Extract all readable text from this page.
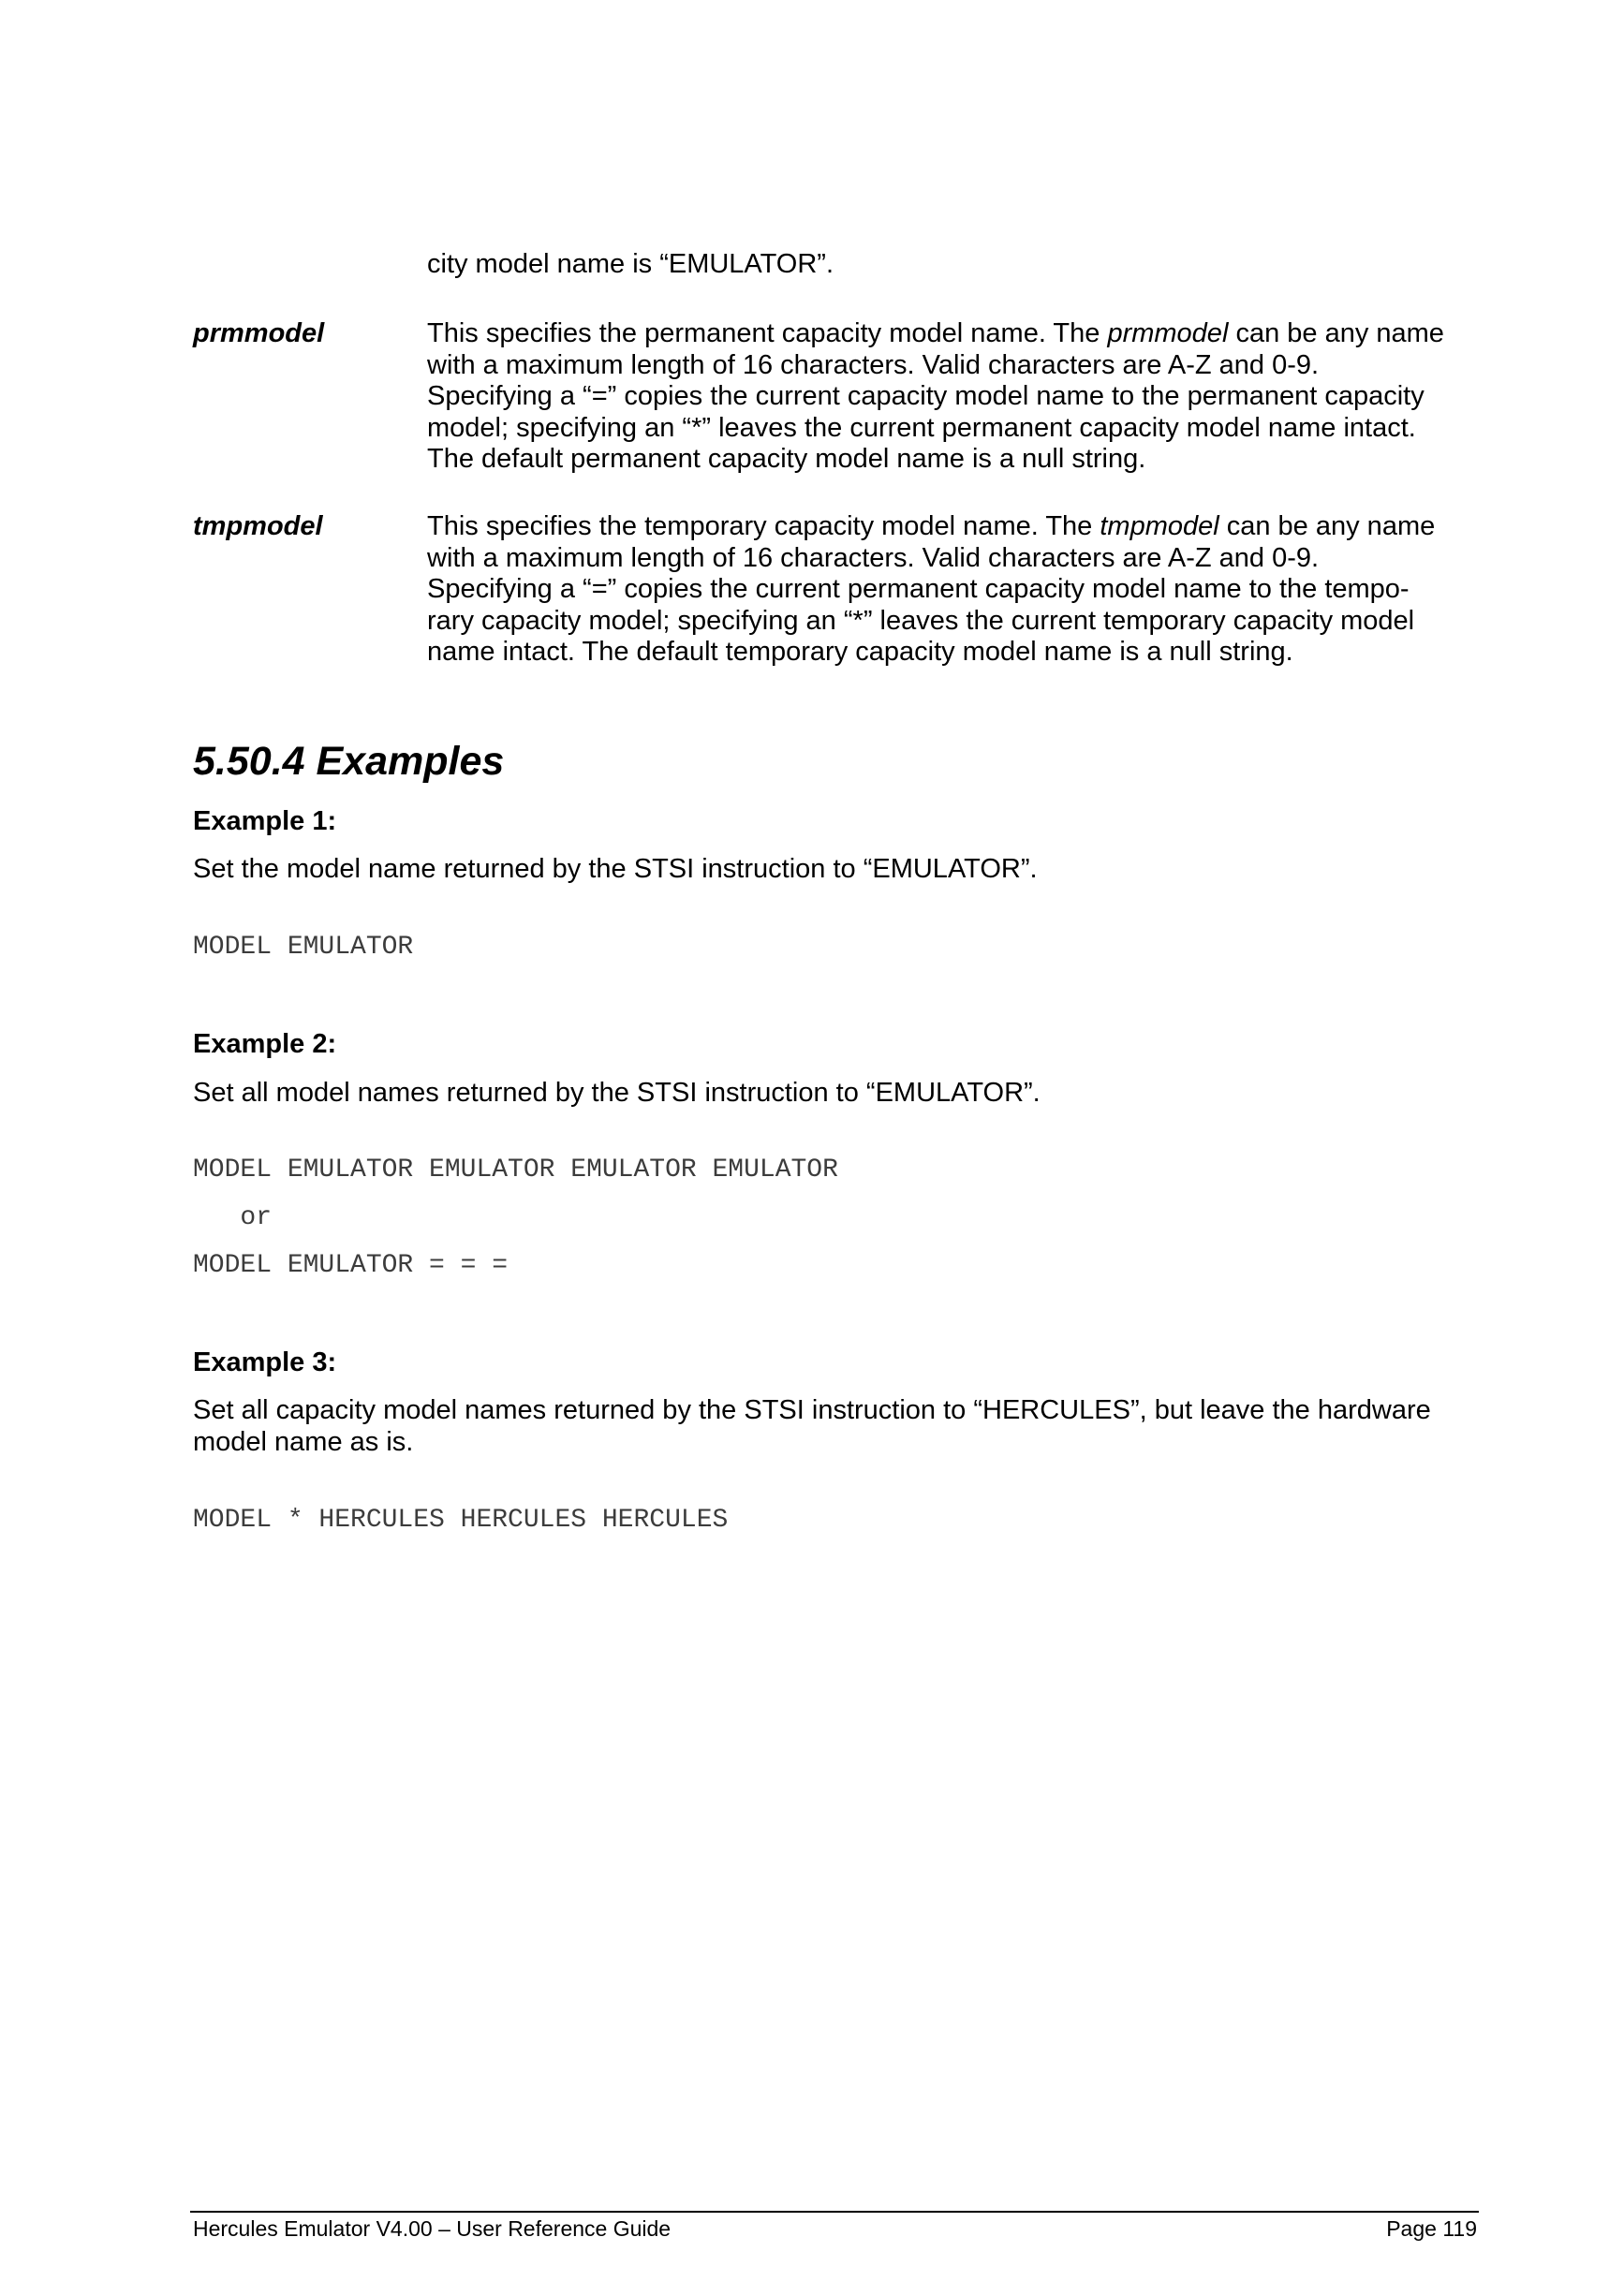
city model name is “EMULATOR”.
prmmodel	This specifies the permanent capacity model name. The prmmodel can be any name with a maximum length of 16 characters. Valid characters are A-Z and 0-9. Specifying a “=” copies the current capacity model name to the permanent capacity model; specifying an “*” leaves the current permanent capacity model name intact. The default permanent capacity model name is a null string.
tmpmodel	This specifies the temporary capacity model name. The tmpmodel can be any name with a maximum length of 16 characters. Valid characters are A-Z and 0-9. Specifying a “=” copies the current permanent capacity model name to the tempo-rary capacity model; specifying an “*” leaves the current temporary capacity model name intact. The default temporary capacity model name is a null string.
5.50.4 Examples
Example 1:
Set the model name returned by the STSI instruction to “EMULATOR”.
MODEL EMULATOR
Example 2:
Set all model names returned by the STSI instruction to “EMULATOR”.
MODEL EMULATOR EMULATOR EMULATOR EMULATOR
or
MODEL EMULATOR = = =
Example 3:
Set all capacity model names returned by the STSI instruction to “HERCULES”, but leave the hardware model name as is.
MODEL * HERCULES HERCULES HERCULES
Hercules Emulator V4.00 – User Reference Guide	Page 119
